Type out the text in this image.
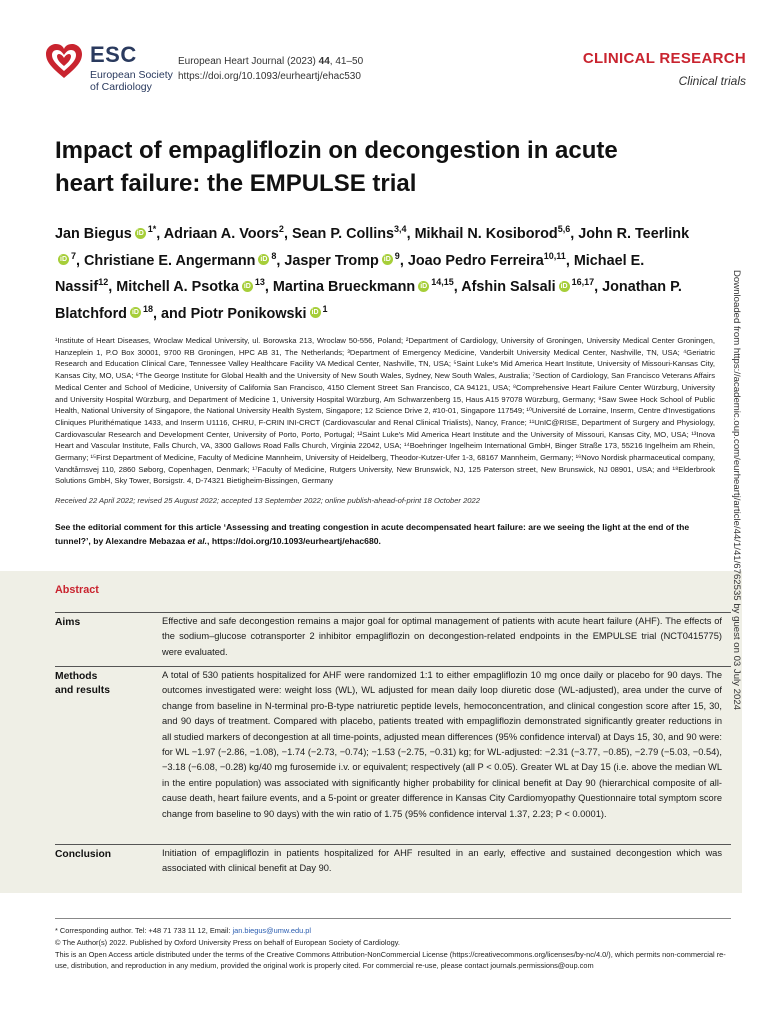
ESC
European Society
of Cardiology
European Heart Journal (2023) 44, 41–50
https://doi.org/10.1093/eurheartj/ehac530
CLINICAL RESEARCH
Clinical trials
Impact of empagliflozin on decongestion in acute heart failure: the EMPULSE trial
Jan Biegus iD $^{1*}$, Adriaan A. Voors$^2$, Sean P. Collins$^{3,4}$, Mikhail N. Kosiborod$^{5,6}$, John R. TeerlinkiD $^7$, Christiane E. Angermann iD $^8$, Jasper Tromp iD $^9$, Joao Pedro Ferreira$^{10,11}$, Michael E. Nassif$^{12}$, Mitchell A. Psotka iD $^{13}$, Martina Brueckmann iD $^{14,15}$, Afshin Salsali iD $^{16,17}$, Jonathan P. Blatchford iD $^{18}$, and Piotr Ponikowski iD $^1$
¹Institute of Heart Diseases, Wroclaw Medical University, ul. Borowska 213, Wroclaw 50-556, Poland; ²Department of Cardiology, University of Groningen, University Medical Center Groningen, Hanzeplein 1, P.O Box 30001, 9700 RB Groningen, HPC AB 31, The Netherlands; ³Department of Emergency Medicine, Vanderbilt University Medical Center, Nashville, TN, USA; ⁴Geriatric Research and Education Clinical Care, Tennessee Valley Healthcare Facility VA Medical Center, Nashville, TN, USA; ⁵Saint Luke's Mid America Heart Institute, University of Missouri-Kansas City, Kansas City, MO, USA; ⁶The George Institute for Global Health and the University of New South Wales, Sydney, New South Wales, Australia; ⁷Section of Cardiology, San Francisco Veterans Affairs Medical Center and School of Medicine, University of California San Francisco, 4150 Clement Street San Francisco, CA 94121, USA; ⁸Comprehensive Heart Failure Center Würzburg, University and University Hospital Würzburg, and Department of Medicine 1, University Hospital Würzburg, Am Schwarzenberg 15, Haus A15 97078 Würzburg, Germany; ⁹Saw Swee Hock School of Public Health, National University of Singapore, the National University Health System, Singapore; 12 Science Drive 2, #10-01, Singapore 117549; ¹⁰Université de Lorraine, Inserm, Centre d'Investigations Cliniques Plurithématique 1433, and Inserm U1116, CHRU, F-CRIN INI-CRCT (Cardiovascular and Renal Clinical Trialists), Nancy, France; ¹¹UnIC@RISE, Department of Surgery and Physiology, Cardiovascular Research and Development Center, University of Porto, Porto, Portugal; ¹²Saint Luke's Mid America Heart Institute and the University of Missouri, Kansas City, MO, USA; ¹³Inova Heart and Vascular Institute, Falls Church, VA, 3300 Gallows Road Falls Church, Virginia 22042, USA; ¹⁴Boehringer Ingelheim International GmbH, Binger Straße 173, 55216 Ingelheim am Rhein, Germany; ¹⁵First Department of Medicine, Faculty of Medicine Mannheim, University of Heidelberg, Theodor-Kutzer-Ufer 1-3, 68167 Mannheim, Germany; ¹⁶Novo Nordisk pharmaceutical company, Vandtårnsvej 110, 2860 Søborg, Copenhagen, Denmark; ¹⁷Faculty of Medicine, Rutgers University, New Brunswick, NJ, 125 Paterson street, New Brunswick, NJ 08901, USA; and ¹⁸Elderbrook Solutions GmbH, Sky Tower, Borsigstr. 4, D-74321 Bietigheim-Bissingen, Germany
Received 22 April 2022; revised 25 August 2022; accepted 13 September 2022; online publish-ahead-of-print 18 October 2022
See the editorial comment for this article ‘Assessing and treating congestion in acute decompensated heart failure: are we seeing the light at the end of the tunnel?’, by Alexandre Mebazaa et al., https://doi.org/10.1093/eurheartj/ehac680.
Abstract
Aims	Effective and safe decongestion remains a major goal for optimal management of patients with acute heart failure (AHF). The effects of the sodium–glucose cotransporter 2 inhibitor empagliflozin on decongestion-related endpoints in the EMPULSE trial (NCT0415775) were evaluated.
Methods
and results
A total of 530 patients hospitalized for AHF were randomized 1:1 to either empagliflozin 10 mg once daily or placebo for 90 days. The outcomes investigated were: weight loss (WL), WL adjusted for mean daily loop diuretic dose (WL-adjusted), area under the curve of change from baseline in N-terminal pro-B-type natriuretic peptide levels, hemoconcentration, and clinical congestion score after 15, 30, and 90 days of treatment. Compared with placebo, patients treated with empagliflozin demonstrated significantly greater reductions in all studied markers of decongestion at all time-points, adjusted mean differences (95% confidence interval) at Days 15, 30, and 90 were: for WL −1.97 (−2.86, −1.08), −1.74 (−2.73, −0.74); −1.53 (−2.75, −0.31) kg; for WL-adjusted: −2.31 (−3.77, −0.85), −2.79 (−5.03, −0.54), −3.18 (−6.08, −0.28) kg/40 mg furosemide i.v. or equivalent; respectively (all P < 0.05). Greater WL at Day 15 (i.e. above the median WL in the entire population) was associated with significantly higher probability for clinical benefit at Day 90 (hierarchical composite of all-cause death, heart failure events, and a 5-point or greater difference in Kansas City Cardiomyopathy Questionnaire total symptom score change from baseline to 90 days) with the win ratio of 1.75 (95% confidence interval 1.37, 2.23; P < 0.0001).
Conclusion	Initiation of empagliflozin in patients hospitalized for AHF resulted in an early, effective and sustained decongestion which was associated with clinical benefit at Day 90.
* Corresponding author. Tel: +48 71 733 11 12, Email: jan.biegus@umw.edu.pl
© The Author(s) 2022. Published by Oxford University Press on behalf of European Society of Cardiology.
This is an Open Access article distributed under the terms of the Creative Commons Attribution-NonCommercial License (https://creativecommons.org/licenses/by-nc/4.0/), which permits non-commercial re-use, distribution, and reproduction in any medium, provided the original work is properly cited. For commercial re-use, please contact journals.permissions@oup.com
Downloaded from https://academic.oup.com/eurheartj/article/44/1/41/6762535 by guest on 03 July 2024
